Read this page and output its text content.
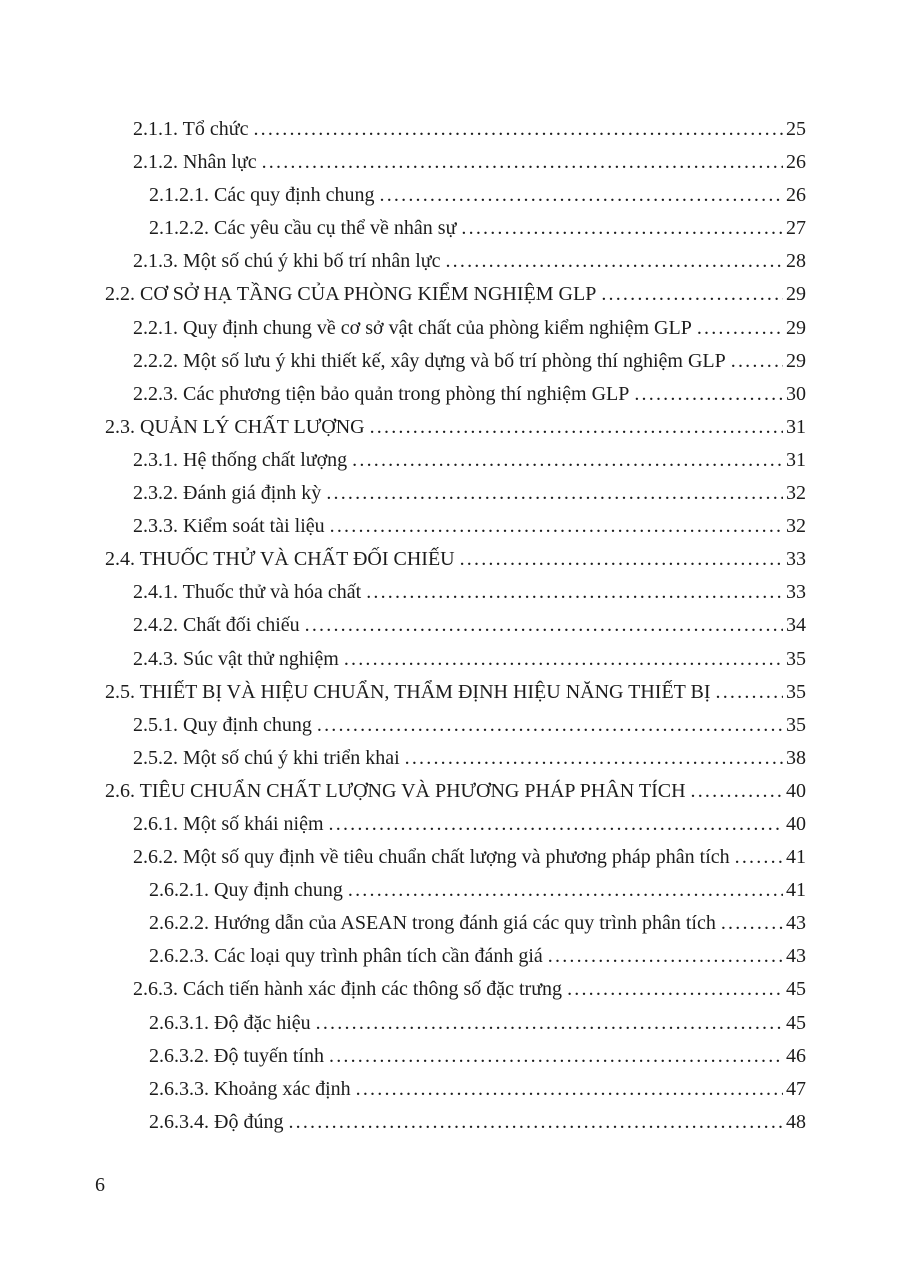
2.1.1. Tổ chức .....	25
2.1.2. Nhân lực .....	26
2.1.2.1. Các quy định chung .....	26
2.1.2.2. Các yêu cầu cụ thể về nhân sự .....	27
2.1.3. Một số chú ý khi bố trí nhân lực .....	28
2.2. CƠ SỞ HẠ TẦNG CỦA PHÒNG KIỂM NGHIỆM GLP .....	29
2.2.1. Quy định chung về cơ sở vật chất của phòng kiểm nghiệm GLP .....	29
2.2.2. Một số lưu ý khi thiết kế, xây dựng và bố trí phòng thí nghiệm GLP .....	29
2.2.3. Các phương tiện bảo quản trong phòng thí nghiệm GLP .....	30
2.3. QUẢN LÝ CHẤT LƯỢNG .....	31
2.3.1. Hệ thống chất lượng .....	31
2.3.2. Đánh giá định kỳ .....	32
2.3.3. Kiểm soát tài liệu .....	32
2.4. THUỐC THỬ VÀ CHẤT ĐỐI CHIẾU .....	33
2.4.1. Thuốc thử và hóa chất .....	33
2.4.2. Chất đối chiếu .....	34
2.4.3. Súc vật thử nghiệm .....	35
2.5. THIẾT BỊ VÀ HIỆU CHUẨN, THẨM ĐỊNH HIỆU NĂNG THIẾT BỊ .....	35
2.5.1. Quy định chung .....	35
2.5.2. Một số chú ý khi triển khai .....	38
2.6. TIÊU CHUẨN CHẤT LƯỢNG VÀ PHƯƠNG PHÁP PHÂN TÍCH .....	40
2.6.1. Một số khái niệm .....	40
2.6.2. Một số quy định về tiêu chuẩn chất lượng và phương pháp phân tích .....	41
2.6.2.1. Quy định chung .....	41
2.6.2.2. Hướng dẫn của ASEAN trong đánh giá các quy trình phân tích .....	43
2.6.2.3. Các loại quy trình phân tích cần đánh giá .....	43
2.6.3. Cách tiến hành xác định các thông số đặc trưng .....	45
2.6.3.1. Độ đặc hiệu .....	45
2.6.3.2. Độ tuyến tính .....	46
2.6.3.3. Khoảng xác định .....	47
2.6.3.4. Độ đúng .....	48
6
